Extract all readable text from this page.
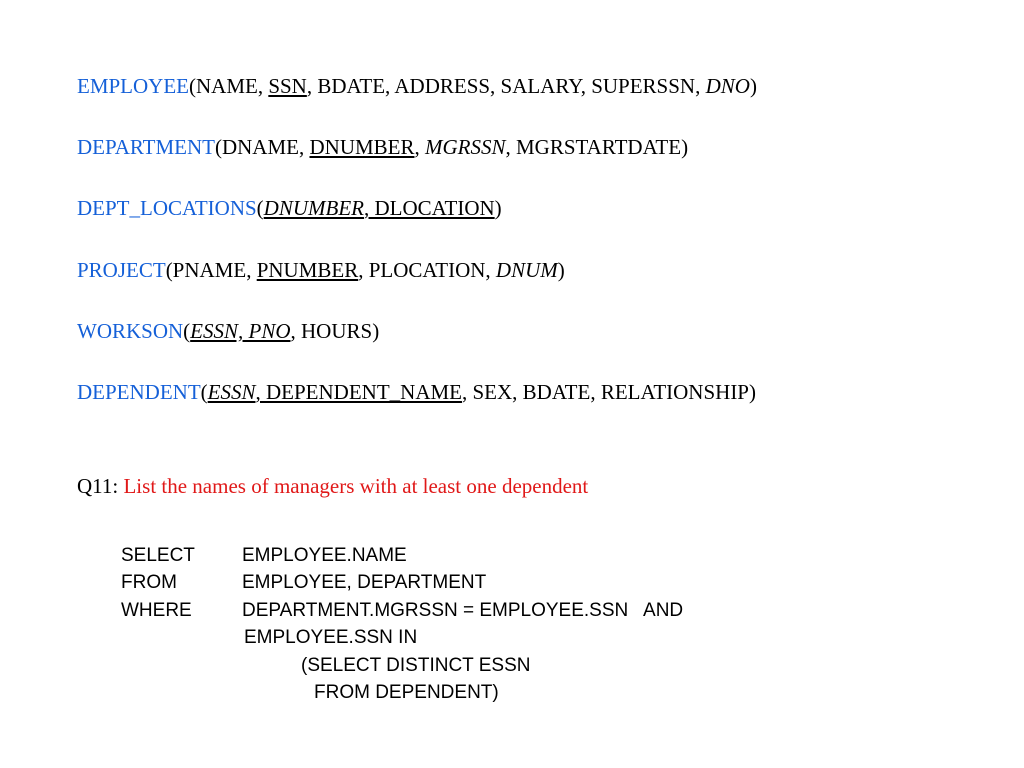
EMPLOYEE(NAME, SSN, BDATE, ADDRESS, SALARY, SUPERSSN, DNO)
DEPARTMENT(DNAME, DNUMBER, MGRSSN, MGRSTARTDATE)
DEPT_LOCATIONS(DNUMBER, DLOCATION)
PROJECT(PNAME, PNUMBER, PLOCATION, DNUM)
WORKSON(ESSN, PNO, HOURS)
DEPENDENT(ESSN, DEPENDENT_NAME, SEX, BDATE, RELATIONSHIP)
Q11: List the names of managers with at least one dependent
SELECT EMPLOYEE.NAME
FROM	EMPLOYEE, DEPARTMENT
WHERE	DEPARTMENT.MGRSSN = EMPLOYEE.SSN   AND
EMPLOYEE.SSN IN
(SELECT DISTINCT ESSN
FROM DEPENDENT)
